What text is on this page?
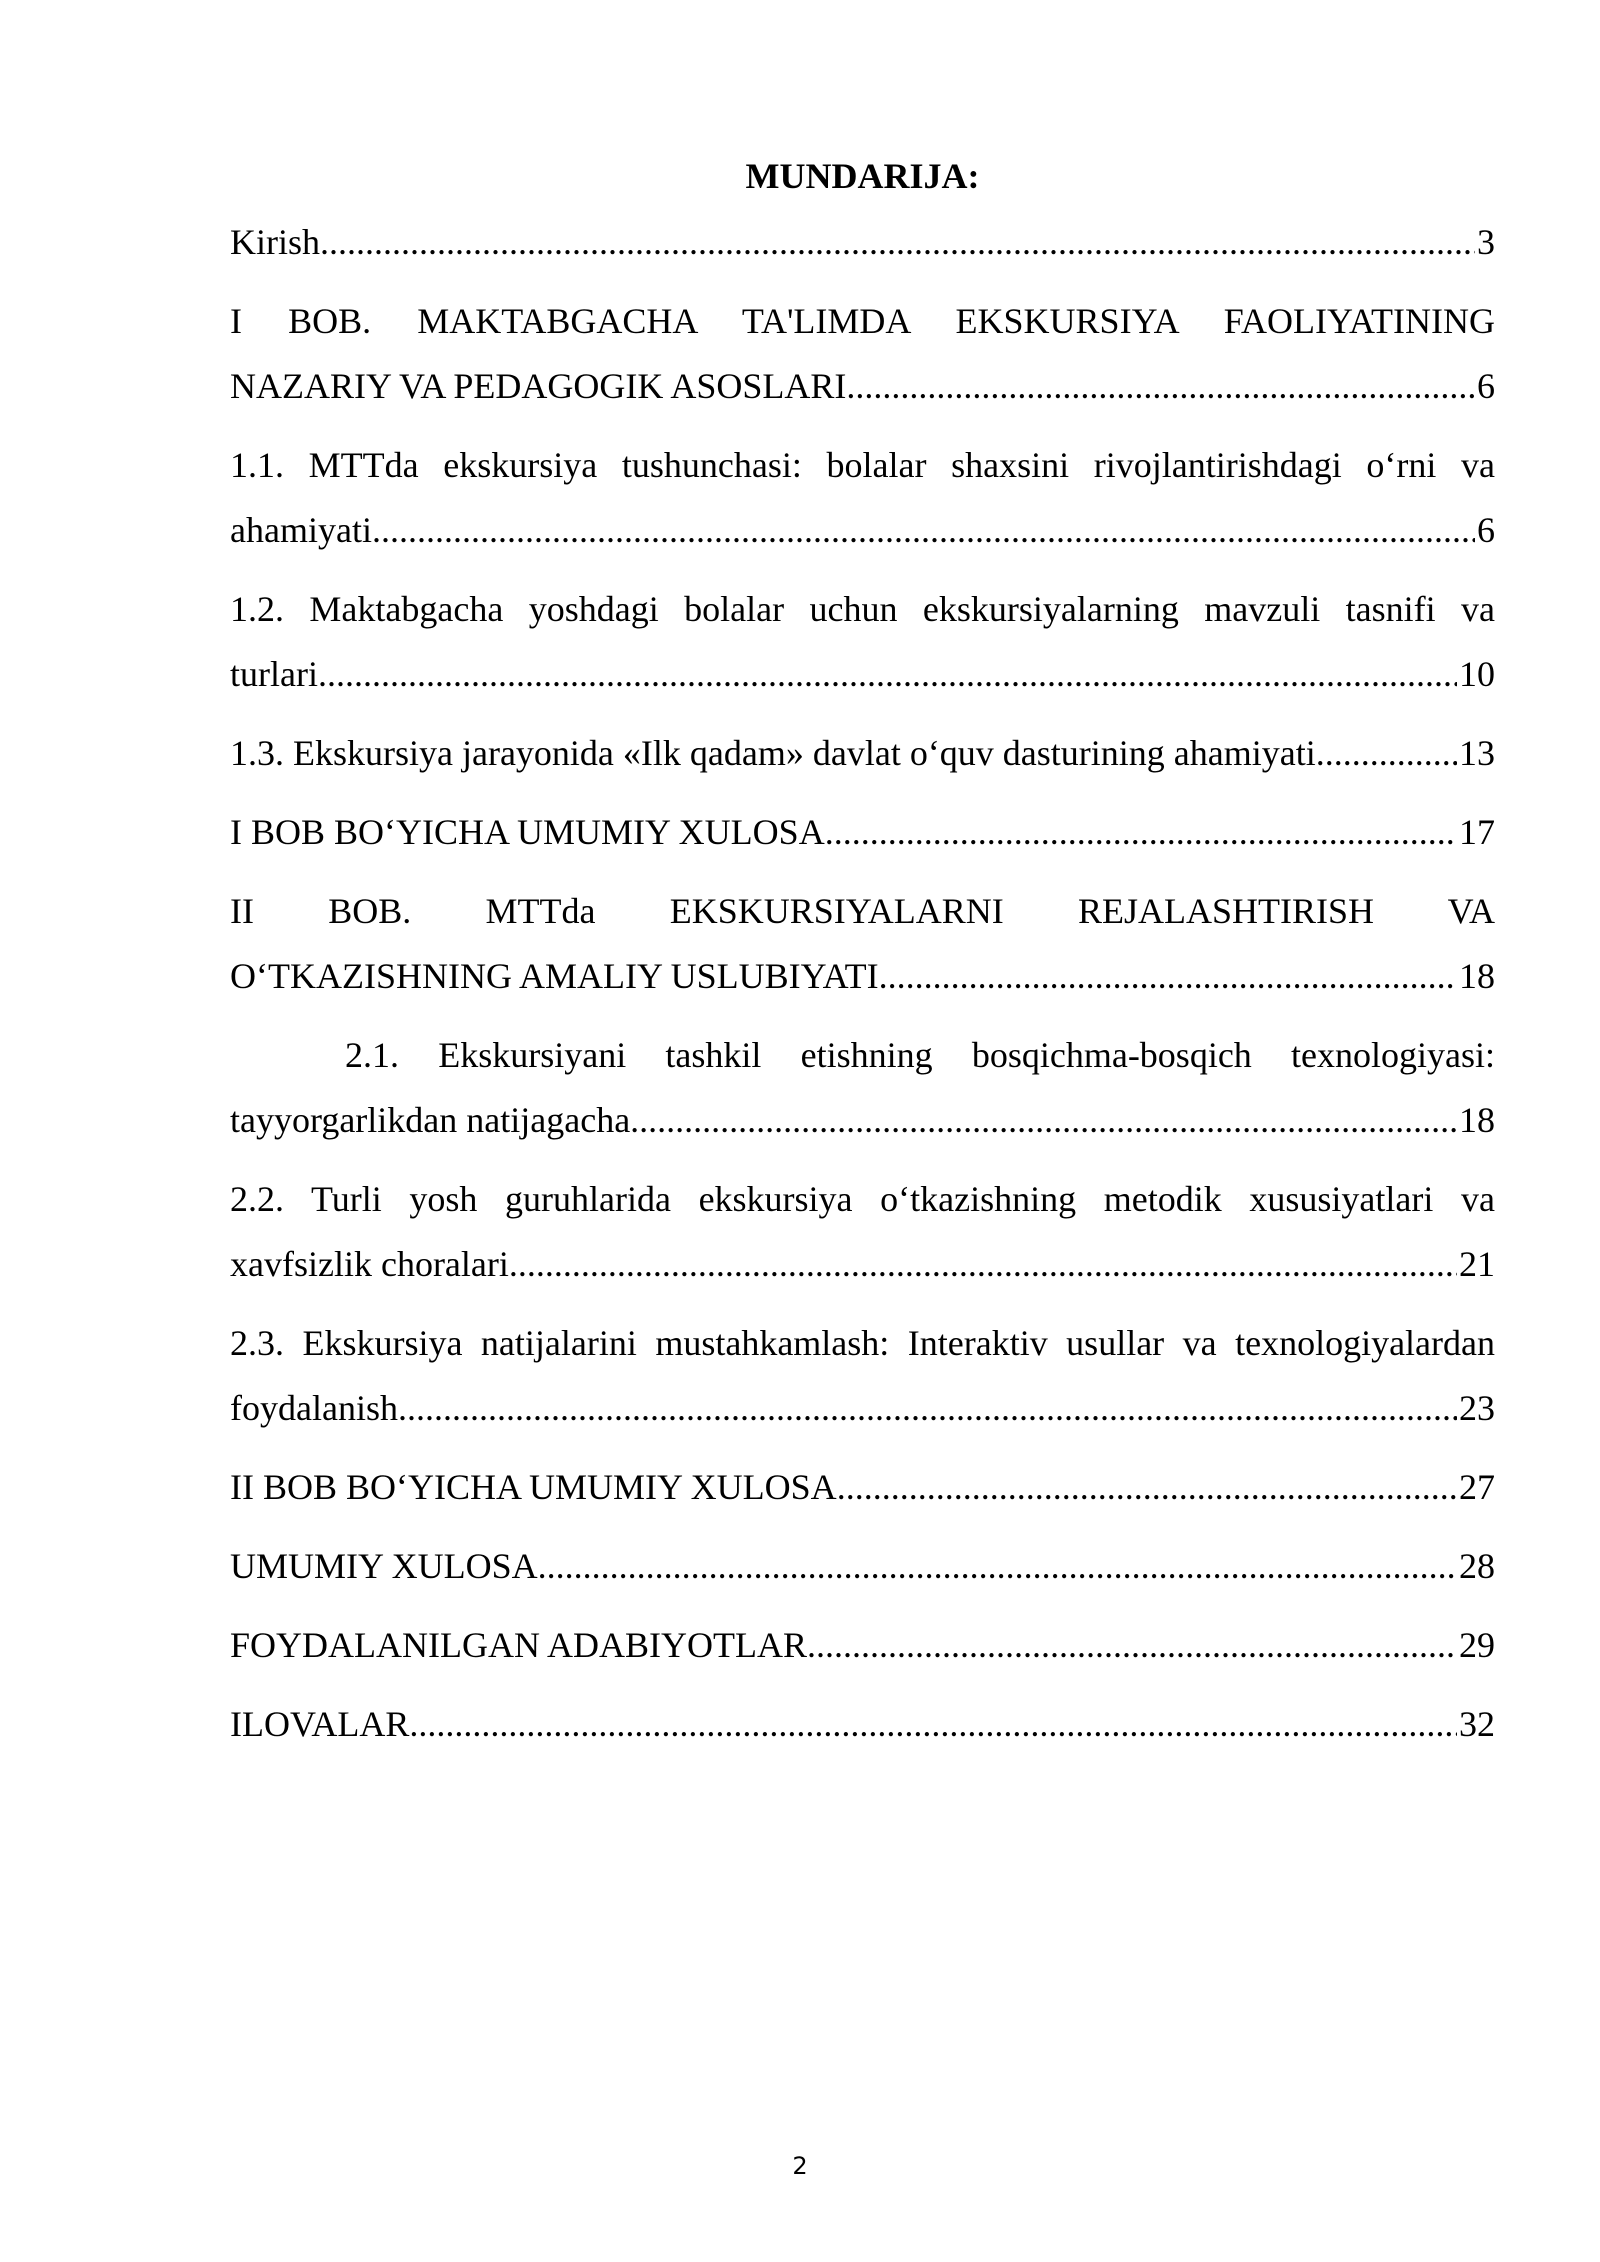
MUNDARIJA:
Kirish .....	3
I BOB. MAKTABGACHA TA'LIMDA EKSKURSIYA FAOLIYATINING
NAZARIY VA PEDAGOGIK ASOSLARI .....	6
1.1. MTTda ekskursiya tushunchasi: bolalar shaxsini rivojlantirishdagi o‘rni va
ahamiyati .....	6
1.2. Maktabgacha yoshdagi bolalar uchun ekskursiyalarning mavzuli tasnifi va
turlari .....	10
1.3. Ekskursiya jarayonida «Ilk qadam» davlat o‘quv dasturining ahamiyati .....	13
I BOB BO‘YICHA UMUMIY XULOSA .....	17
II BOB. MTTda EKSKURSIYALARNI REJALASHTIRISH VA
O‘TKAZISHNING AMALIY USLUBIYATI .....	18
2.1. Ekskursiyani tashkil etishning bosqichma-bosqich texnologiyasi:
tayyorgarlikdan natijagacha .....	18
2.2. Turli yosh guruhlarida ekskursiya o‘tkazishning metodik xususiyatlari va
xavfsizlik choralari .....	21
2.3. Ekskursiya natijalarini mustahkamlash: Interaktiv usullar va texnologiyalardan
foydalanish .....	23
II BOB BO‘YICHA UMUMIY XULOSA .....	27
UMUMIY XULOSA .....	28
FOYDALANILGAN ADABIYOTLAR .....	29
ILOVALAR .....	32
2
